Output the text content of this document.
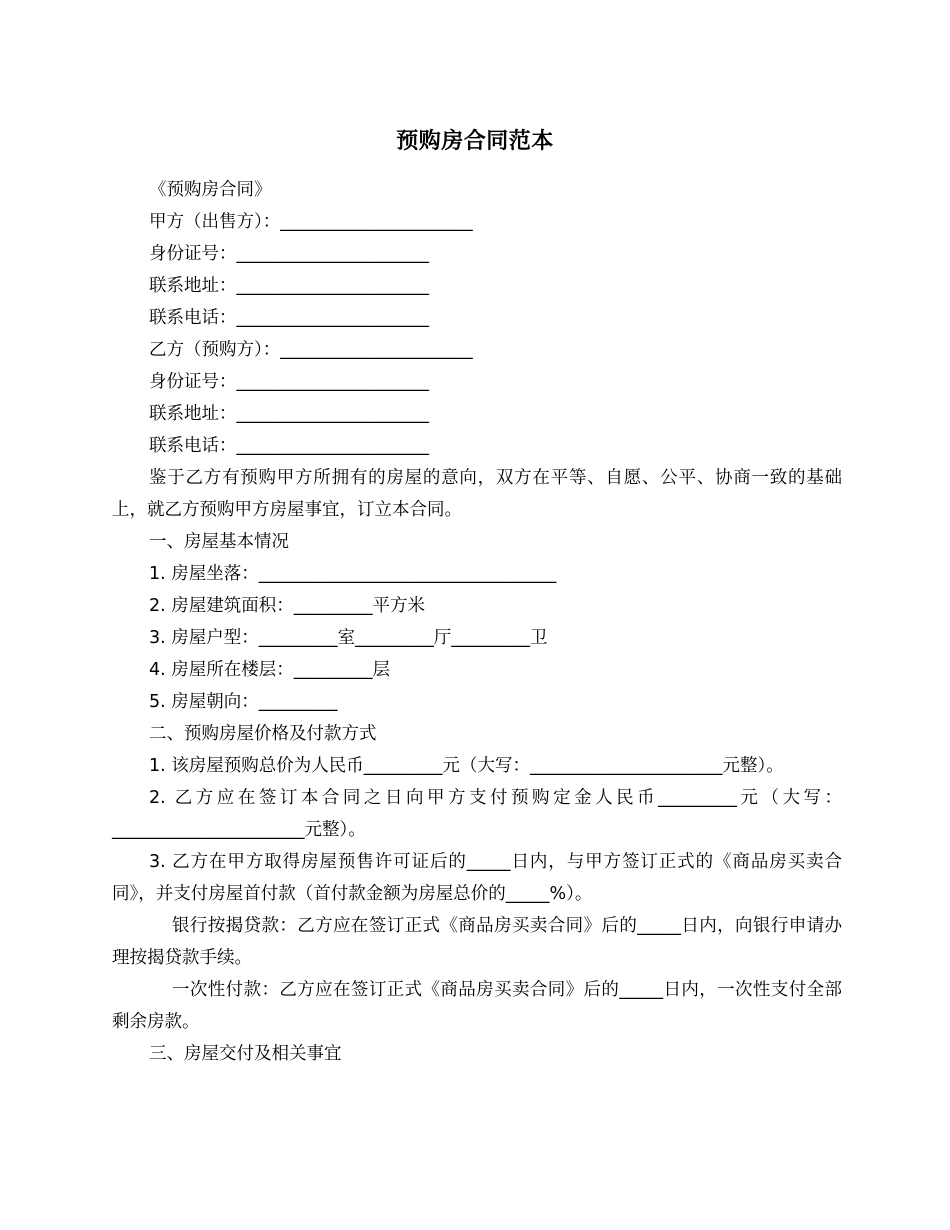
预购房合同范本
《预购房合同》
甲方（出售方）：______________________
身份证号：______________________
联系地址：______________________
联系电话：______________________
乙方（预购方）：______________________
身份证号：______________________
联系地址：______________________
联系电话：______________________
鉴于乙方有预购甲方所拥有的房屋的意向，双方在平等、自愿、公平、协商一致的基础上，就乙方预购甲方房屋事宜，订立本合同。
一、房屋基本情况
1. 房屋坐落：__________________________________
2. 房屋建筑面积：_________平方米
3. 房屋户型：_________室_________厅_________卫
4. 房屋所在楼层：_________层
5. 房屋朝向：_________
二、预购房屋价格及付款方式
1. 该房屋预购总价为人民币_________元（大写：______________________元整）。
2. 乙方应在签订本合同之日向甲方支付预购定金人民币_________元（大写：______________________元整）。
3. 乙方在甲方取得房屋预售许可证后的_____日内，与甲方签订正式的《商品房买卖合同》，并支付房屋首付款（首付款金额为房屋总价的_____%）。
银行按揭贷款：乙方应在签订正式《商品房买卖合同》后的_____日内，向银行申请办理按揭贷款手续。
一次性付款：乙方应在签订正式《商品房买卖合同》后的_____日内，一次性支付全部剩余房款。
三、房屋交付及相关事宜
